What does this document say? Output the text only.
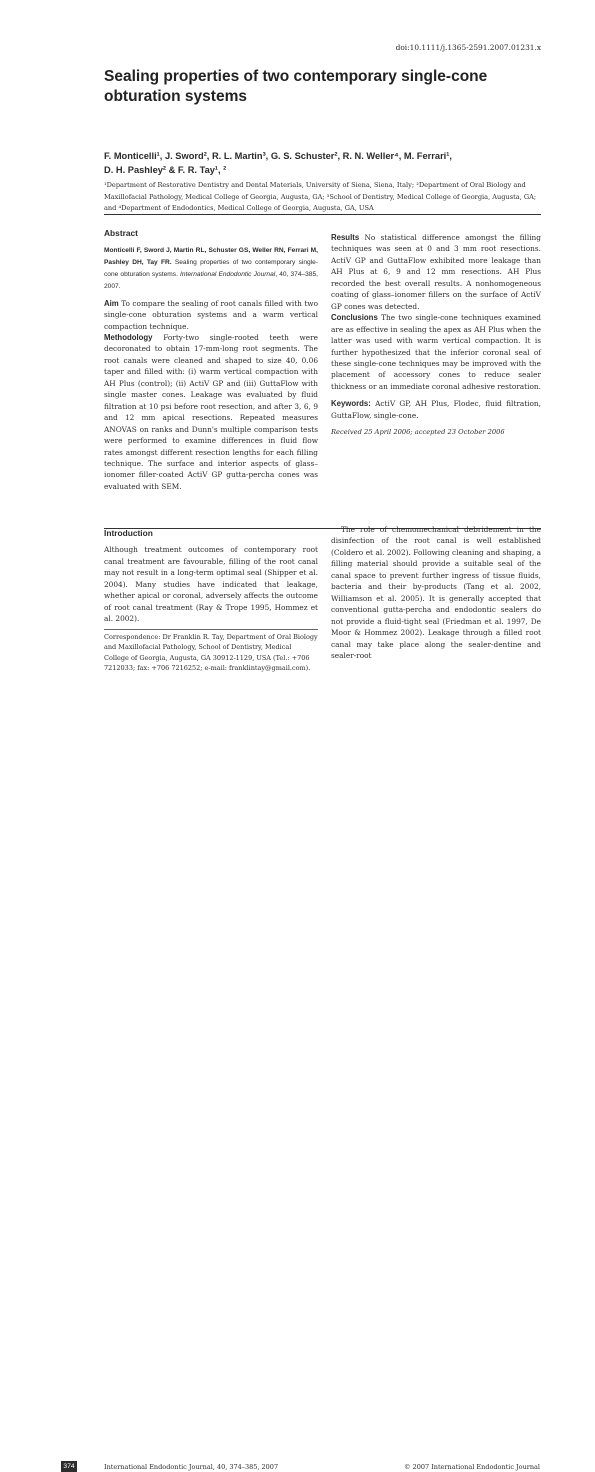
doi:10.1111/j.1365-2591.2007.01231.x
Sealing properties of two contemporary single-cone obturation systems
F. Monticelli¹, J. Sword², R. L. Martin³, G. S. Schuster², R. N. Weller⁴, M. Ferrari¹,
D. H. Pashley² & F. R. Tay¹, ²
¹Department of Restorative Dentistry and Dental Materials, University of Siena, Siena, Italy; ²Department of Oral Biology and
Maxillofacial Pathology, Medical College of Georgia, Augusta, GA; ³School of Dentistry, Medical College of Georgia, Augusta, GA;
and ⁴Department of Endodontics, Medical College of Georgia, Augusta, GA, USA

Abstract

Monticelli F, Sword J, Martin RL, Schuster GS, Weller RN, Ferrari M, Pashley DH, Tay FR. Sealing properties of two contemporary single-cone obturation systems. International Endodontic Journal, 40, 374–385, 2007.

Aim To compare the sealing of root canals filled with two single-cone obturation systems and a warm vertical compaction technique.

Methodology Forty-two single-rooted teeth were decoronated to obtain 17-mm-long root segments. The root canals were cleaned and shaped to size 40, 0.06 taper and filled with: (i) warm vertical compaction with AH Plus (control); (ii) ActiV GP and (iii) GuttaFlow with single master cones. Leakage was evaluated by fluid filtration at 10 psi before root resection, and after 3, 6, 9 and 12 mm apical resections. Repeated measures ANOVAS on ranks and Dunn's multiple comparison tests were performed to examine differences in fluid flow rates amongst different resection lengths for each filling technique. The surface and interior aspects of glass–ionomer filler-coated ActiV GP gutta-percha cones was evaluated with SEM.

Results No statistical difference amongst the filling techniques was seen at 0 and 3 mm root resections. ActiV GP and GuttaFlow exhibited more leakage than AH Plus at 6, 9 and 12 mm resections. AH Plus recorded the best overall results. A nonhomogeneous coating of glass–ionomer fillers on the surface of ActiV GP cones was detected.

Conclusions The two single-cone techniques examined are as effective in sealing the apex as AH Plus when the latter was used with warm vertical compaction. It is further hypothesized that the inferior coronal seal of these single-cone techniques may be improved with the placement of accessory cones to reduce sealer thickness or an immediate coronal adhesive restoration.

Keywords: ActiV GP, AH Plus, Flodec, fluid filtration, GuttaFlow, single-cone.

Received 25 April 2006; accepted 23 October 2006

Introduction

Although treatment outcomes of contemporary root canal treatment are favourable, filling of the root canal may not result in a long-term optimal seal (Shipper et al. 2004). Many studies have indicated that leakage, whether apical or coronal, adversely affects the outcome of root canal treatment (Ray & Trope 1995, Hommez et al. 2002).

The role of chemomechanical debridement in the disinfection of the root canal is well established (Coldero et al. 2002). Following cleaning and shaping, a filling material should provide a suitable seal of the canal space to prevent further ingress of tissue fluids, bacteria and their by-products (Tang et al. 2002, Williamson et al. 2005). It is generally accepted that conventional gutta-percha and endodontic sealers do not provide a fluid-tight seal (Friedman et al. 1997, De Moor & Hommez 2002). Leakage through a filled root canal may take place along the sealer-dentine and sealer-root

Correspondence: Dr Franklin R. Tay, Department of Oral Biology and Maxillofacial Pathology, School of Dentistry, Medical College of Georgia, Augusta, GA 30912-1129, USA (Tel.: +706 7212033; fax: +706 7216252; e-mail: franklintay@gmail.com).
374	International Endodontic Journal, 40, 374–385, 2007	© 2007 International Endodontic Journal
